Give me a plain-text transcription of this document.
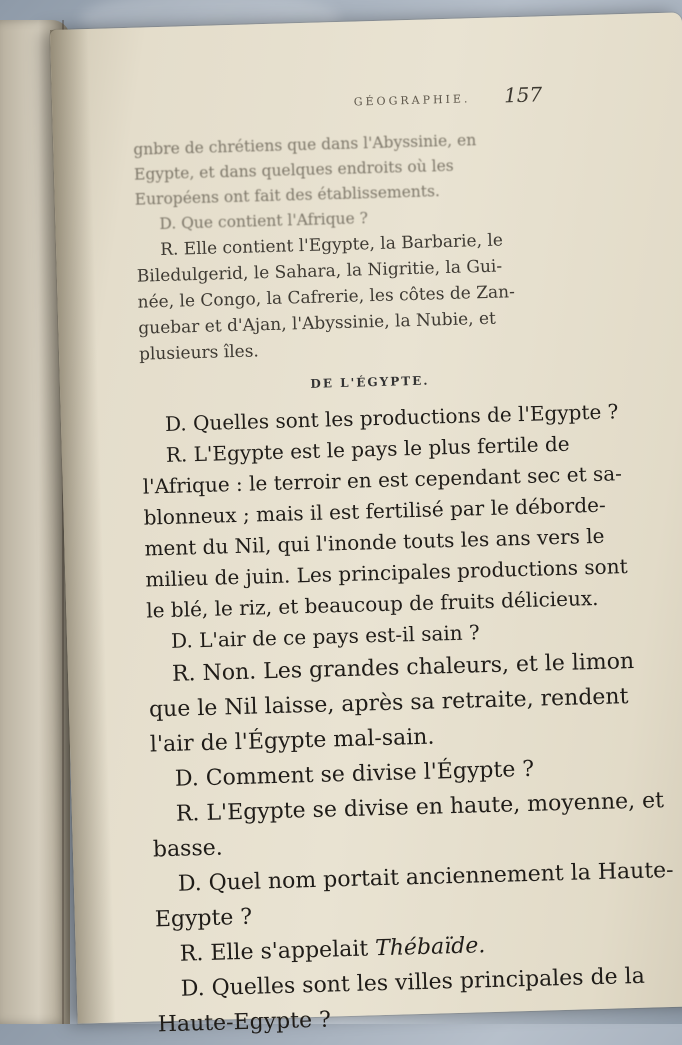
GÉOGRAPHIE.	157
gnbre de chrétiens que dans l'Abyssinie, en
Egypte, et dans quelques endroits où les
Européens ont fait des établissements.
D. Que contient l'Afrique ?
R. Elle contient l'Egypte, la Barbarie, le
Biledulgerid, le Sahara, la Nigritie, la Gui-
née, le Congo, la Cafrerie, les côtes de Zan-
guebar et d'Ajan, l'Abyssinie, la Nubie, et
plusieurs îles.
DE L'ÉGYPTE.
D. Quelles sont les productions de l'Egypte ?
R. L'Egypte est le pays le plus fertile de
l'Afrique : le terroir en est cependant sec et sa-
blonneux ; mais il est fertilisé par le déborde-
ment du Nil, qui l'inonde touts les ans vers le
milieu de juin. Les principales productions sont
le blé, le riz, et beaucoup de fruits délicieux.
D. L'air de ce pays est-il sain ?
R. Non. Les grandes chaleurs, et le limon
que le Nil laisse, après sa retraite, rendent
l'air de l'Égypte mal-sain.
D. Comment se divise l'Égypte ?
R. L'Egypte se divise en haute, moyenne, et
basse.
D. Quel nom portait anciennement la Haute-
Egypte ?
R. Elle s'appelait Thébaïde.
D. Quelles sont les villes principales de la
Haute-Egypte ?
